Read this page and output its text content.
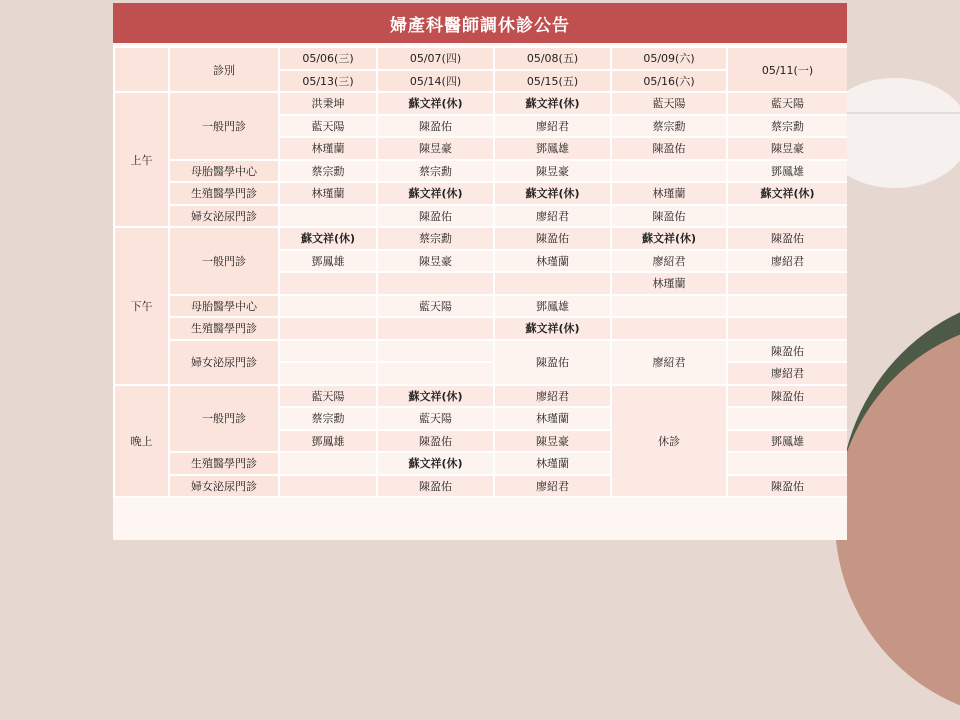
婦產科醫師調休診公告
	診別	05/06(三)	05/07(四)	05/08(五)	05/09(六)	05/11(一)
		05/13(三)	05/14(四)	05/15(五)	05/16(六)	
上午	一般門診	洪秉坤	蘇文祥(休)	蘇文祥(休)	藍天陽	藍天陽
		藍天陽	陳盈佑	廖紹君	蔡宗勳	蔡宗勳
		林瑾蘭	陳昱豪	鄧鳳雄	陳盈佑	陳昱豪
	母胎醫學中心	蔡宗勳	蔡宗勳	陳昱豪		鄧鳳雄
	生殖醫學門診	林瑾蘭	蘇文祥(休)	蘇文祥(休)	林瑾蘭	蘇文祥(休)
	婦女泌尿門診		陳盈佑	廖紹君	陳盈佑	
下午	一般門診	蘇文祥(休)	蔡宗勳	陳盈佑	蘇文祥(休)	陳盈佑
		鄧鳳雄	陳昱豪	林瑾蘭	廖紹君	廖紹君
					林瑾蘭	
	母胎醫學中心		藍天陽	鄧鳳雄		
	生殖醫學門診			蘇文祥(休)		
	婦女泌尿門診			陳盈佑	廖紹君	陳盈佑
						廖紹君
晚上	一般門診	藍天陽	蘇文祥(休)	廖紹君	休診	陳盈佑
		蔡宗勳	藍天陽	林瑾蘭		
		鄧鳳雄	陳盈佑	陳昱豪		鄧鳳雄
	生殖醫學門診		蘇文祥(休)	林瑾蘭		
	婦女泌尿門診		陳盈佑	廖紹君		陳盈佑
